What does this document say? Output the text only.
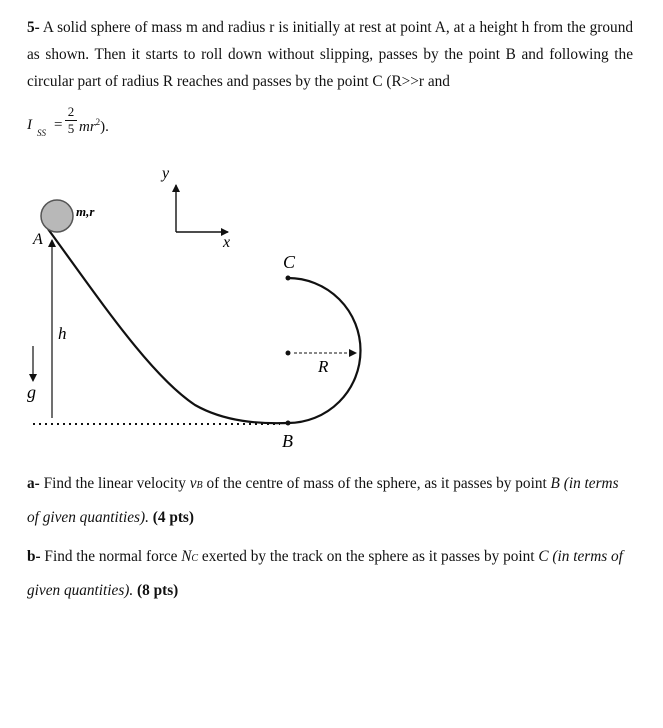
5- A solid sphere of mass m and radius r is initially at rest at point A, at a height h from the ground as shown. Then it starts to roll down without slipping, passes by the point B and following the circular part of radius R reaches and passes by the point C (R>>r and

I SS =
2
5 $mr^2$).
m,r
A
h
g
y
x
C
R
B
a- Find the linear velocity vB of the centre of mass of the sphere, as it passes by point B (in terms of given quantities). (4 pts)
b- Find the normal force NC exerted by the track on the sphere as it passes by point C (in terms of given quantities). (8 pts)
